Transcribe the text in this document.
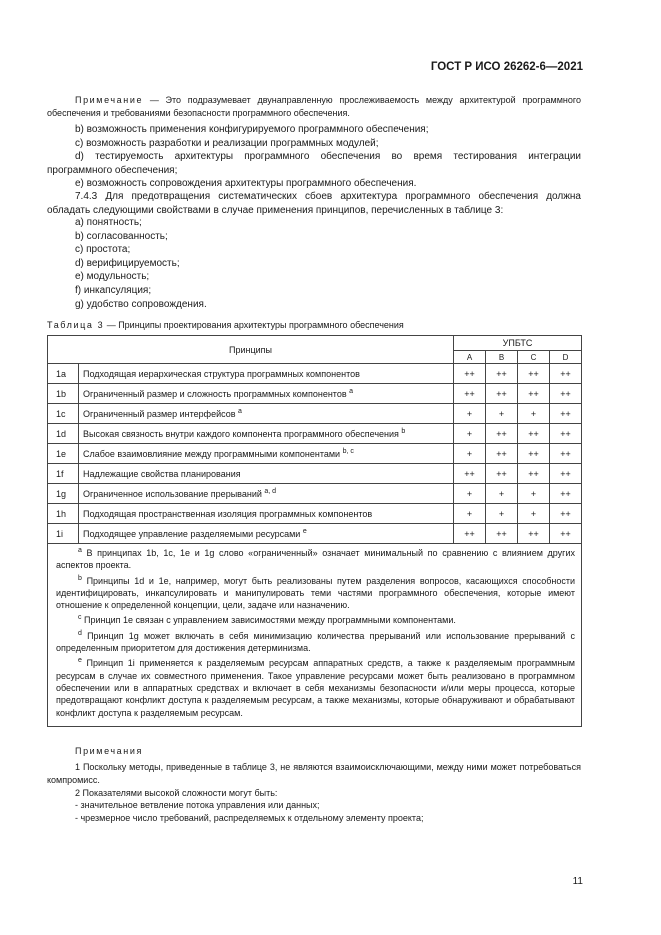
ГОСТ Р ИСО 26262-6—2021
Примечание — Это подразумевает двунаправленную прослеживаемость между архитектурой программного обеспечения и требованиями безопасности программного обеспечения.
b) возможность применения конфигурируемого программного обеспечения;
c) возможность разработки и реализации программных модулей;
d) тестируемость архитектуры программного обеспечения во время тестирования интеграции программного обеспечения;
e) возможность сопровождения архитектуры программного обеспечения.
7.4.3 Для предотвращения систематических сбоев архитектура программного обеспечения должна обладать следующими свойствами в случае применения принципов, перечисленных в таблице 3:
a) понятность;
b) согласованность;
c) простота;
d) верифицируемость;
e) модульность;
f) инкапсуляция;
g) удобство сопровождения.
Таблица 3 — Принципы проектирования архитектуры программного обеспечения
Принципы		УПБТС			
		A	B	C	D
1a	Подходящая иерархическая структура программных компонентов	++	++	++	++
1b	Ограниченный размер и сложность программных компонентов $^a$	++	++	++	++
1c	Ограниченный размер интерфейсов $^a$	+	+	+	++
1d	Высокая связность внутри каждого компонента программного обеспечения $^b$	+	++	++	++
1e	Слабое взаимовлияние между программными компонентами $^{b, c}$	+	++	++	++
1f	Надлежащие свойства планирования	++	++	++	++
1g	Ограниченное использование прерываний $^{a, d}$	+	+	+	++
1h	Подходящая пространственная изоляция программных компонентов	+	+	+	++
1i	Подходящее управление разделяемыми ресурсами $^e$	++	++	++	++

$^a$ В принципах 1b, 1c, 1e и 1g слово «ограниченный» означает минимальный по сравнению с влиянием других аспектов проекта.
$^b$ Принципы 1d и 1e, например, могут быть реализованы путем разделения вопросов, касающихся способности идентифицировать, инкапсулировать и манипулировать теми частями программного обеспечения, которые имеют отношение к определенной концепции, цели, задаче или назначению.
$^c$ Принцип 1e связан с управлением зависимостями между программными компонентами.
$^d$ Принцип 1g может включать в себя минимизацию количества прерываний или использование прерываний с определенным приоритетом для достижения детерминизма.
$^e$ Принцип 1i применяется к разделяемым ресурсам аппаратных средств, а также к разделяемым программным ресурсам в случае их совместного применения. Такое управление ресурсами может быть реализовано в программном обеспечении или в аппаратных средствах и включает в себя механизмы безопасности и/или меры процесса, которые предотвращают конфликт доступа к разделяемым ресурсам, а также механизмы, которые обнаруживают и обрабатывают конфликт доступа к разделяемым ресурсам.					
Примечания
1 Поскольку методы, приведенные в таблице 3, не являются взаимоисключающими, между ними может потребоваться компромисс.
2 Показателями высокой сложности могут быть:
- значительное ветвление потока управления или данных;
- чрезмерное число требований, распределяемых к отдельному элементу проекта;
11
